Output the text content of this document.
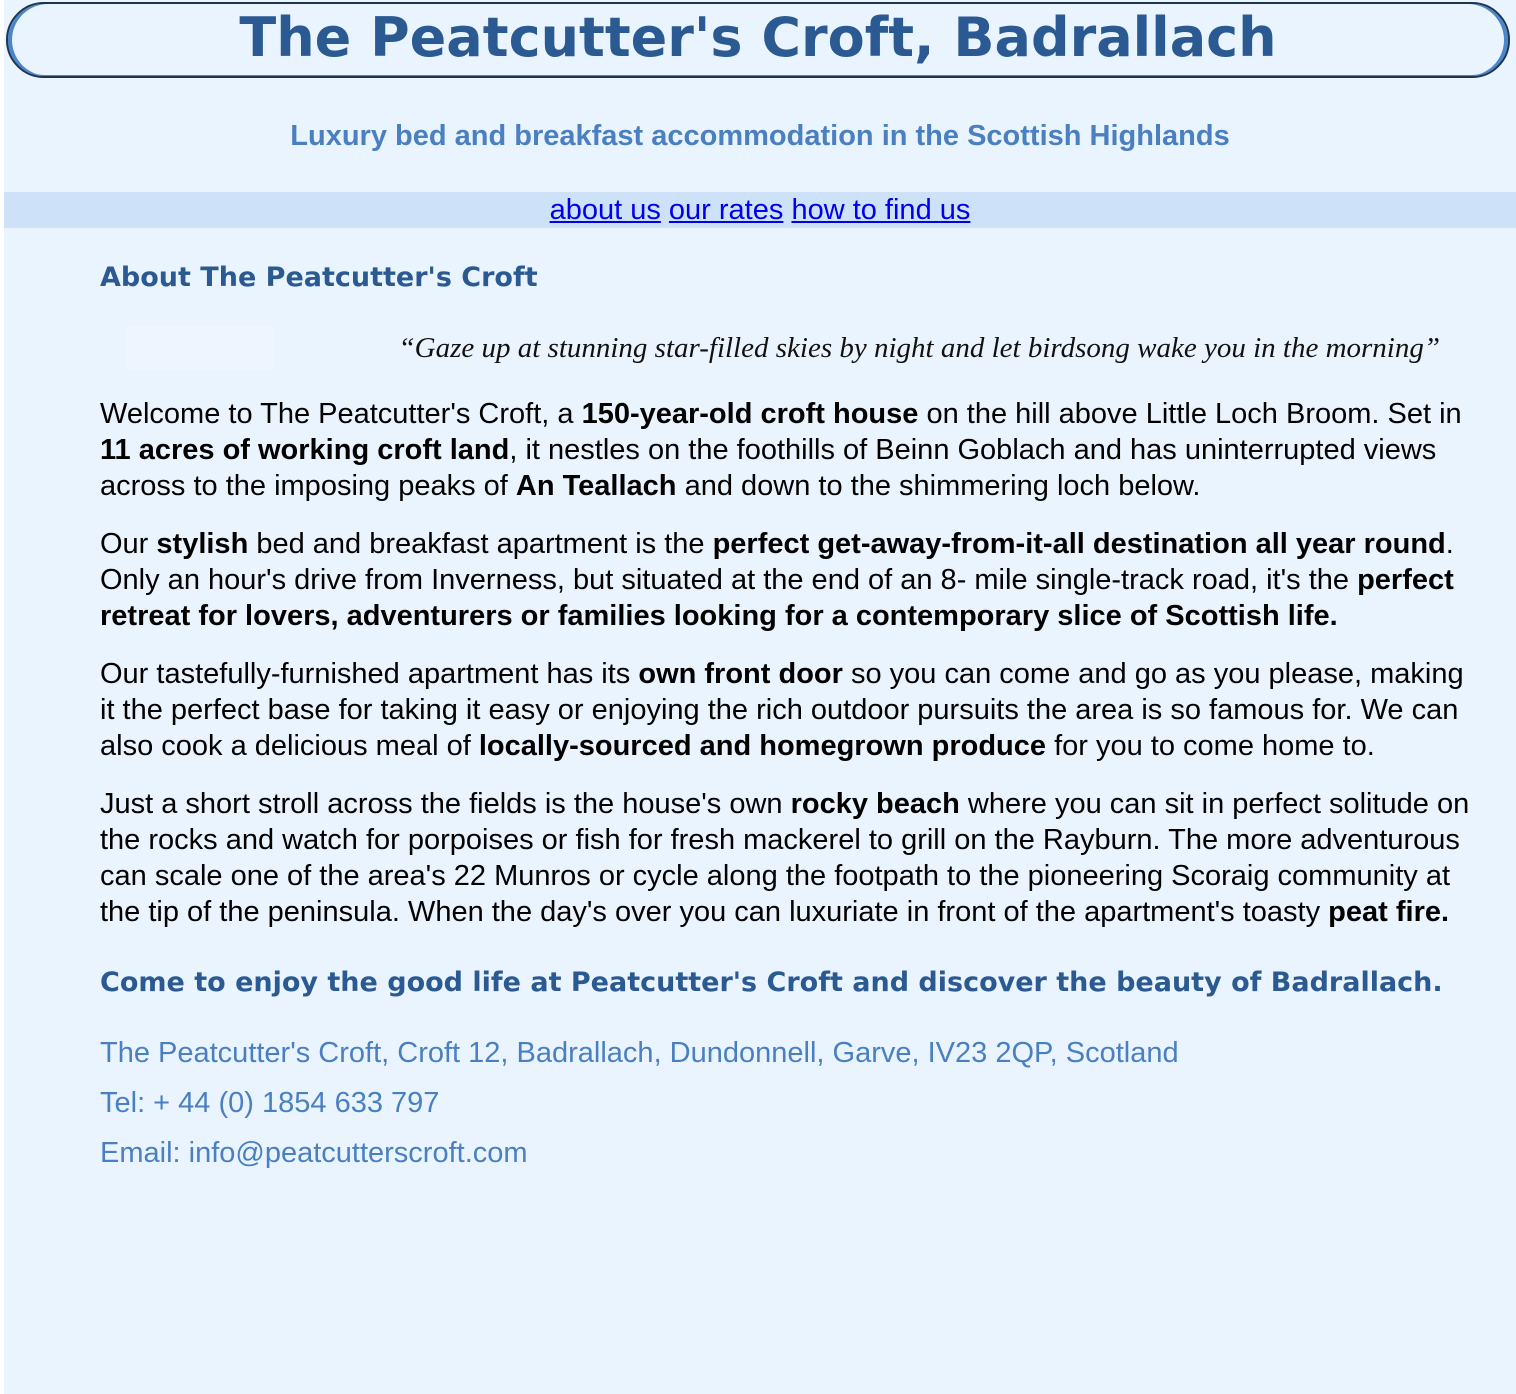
The Peatcutter's Croft, Badrallach

Luxury bed and breakfast accommodation in the Scottish Highlands

about us our rates how to find us
About The Peatcutter's Croft

“Gaze up at stunning star-filled skies by night and let birdsong wake you in the morning”

Welcome to The Peatcutter's Croft, a 150-year-old croft house on the hill above Little Loch Broom. Set in 11 acres of working croft land, it nestles on the foothills of Beinn Goblach and has uninterrupted views across to the imposing peaks of An Teallach and down to the shimmering loch below.

Our stylish bed and breakfast apartment is the perfect get-away-from-it-all destination all year round. Only an hour's drive from Inverness, but situated at the end of an 8- mile single-track road, it's the perfect retreat for lovers, adventurers or families looking for a contemporary slice of Scottish life.

Our tastefully-furnished apartment has its own front door so you can come and go as you please, making it the perfect base for taking it easy or enjoying the rich outdoor pursuits the area is so famous for. We can also cook a delicious meal of locally-sourced and homegrown produce for you to come home to.

Just a short stroll across the fields is the house's own rocky beach where you can sit in perfect solitude on the rocks and watch for porpoises or fish for fresh mackerel to grill on the Rayburn. The more adventurous can scale one of the area's 22 Munros or cycle along the footpath to the pioneering Scoraig community at the tip of the peninsula. When the day's over you can luxuriate in front of the apartment's toasty peat fire.

Come to enjoy the good life at Peatcutter's Croft and discover the beauty of Badrallach.

The Peatcutter's Croft, Croft 12, Badrallach, Dundonnell, Garve, IV23 2QP, Scotland
Tel: + 44 (0) 1854 633 797
Email: info@peatcutterscroft.com
